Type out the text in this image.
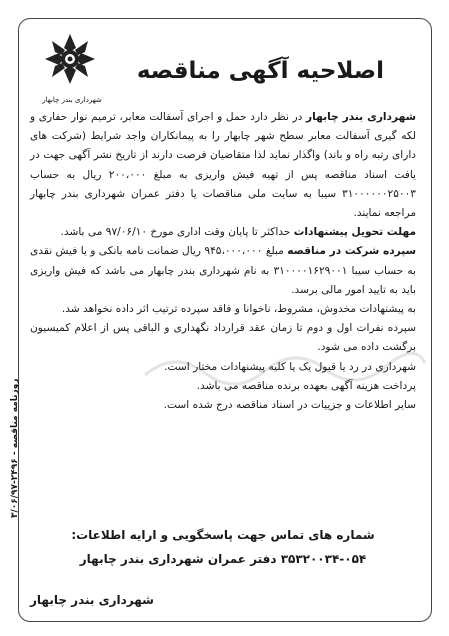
روزنامه مناقصه - ۲۴۹۶-۳/۰۶/۹۷
شهرداری بندر چابهار
اصلاحیه آگهی مناقصه

شهرداری بندر چابهار در نظر دارد حمل و اجرای آسفالت معابر، ترمیم نوار حفاری و لکه گیری آسفالت معابر سطح شهر چابهار را به پیمانکاران واجد شرایط (شرکت های دارای رتبه راه و باند) واگذار نماید لذا متقاضیان فرصت دارند از تاریخ نشر آگهی جهت در یافت اسناد مناقصه پس از تهیه فیش واریزی به مبلغ ۲۰۰،۰۰۰ ریال به حساب ۳۱۰۰۰۰۰۰۲۵۰۰۳ سیبا به سایت ملی مناقصات یا دفتر عمران شهرداری بندر چابهار مراجعه نمایند.

مهلت تحویل پیشنهادات حداکثر تا پایان وقت اداری مورخ ۹۷/۰۶/۱۰ می باشد.

سپرده شرکت در مناقصه مبلغ ۹۴۵،۰۰۰،۰۰۰ ریال ضمانت نامه بانکی و یا فیش نقدی به حساب سیبا ۳۱۰۰۰۰۱۶۲۹۰۰۱ به نام شهرداری بندر چابهار می باشد که فیش واریزی باید به تایید امور مالی برسد.

به پیشنهادات مخدوش، مشروط، ناخوانا و فاقد سپرده ترتیب اثر داده نخواهد شد.

سپرده نفرات اول و دوم تا زمان عقد قرارداد نگهداری و الباقی پس از اعلام کمیسیون برگشت داده می شود.

شهرداری در رد یا قبول یک یا کلیه پیشنهادات مختار است.

پرداخت هزینه آگهی بعهده برنده مناقصه می باشد.

سایر اطلاعات و جزییات در اسناد مناقصه درج شده است.

شماره های تماس جهت پاسخگویی و ارایه اطلاعات:
۳۵۳۲۰۰۳۴-۰۵۴ دفتر عمران شهرداری بندر چابهار
شهرداری بندر چابهار
